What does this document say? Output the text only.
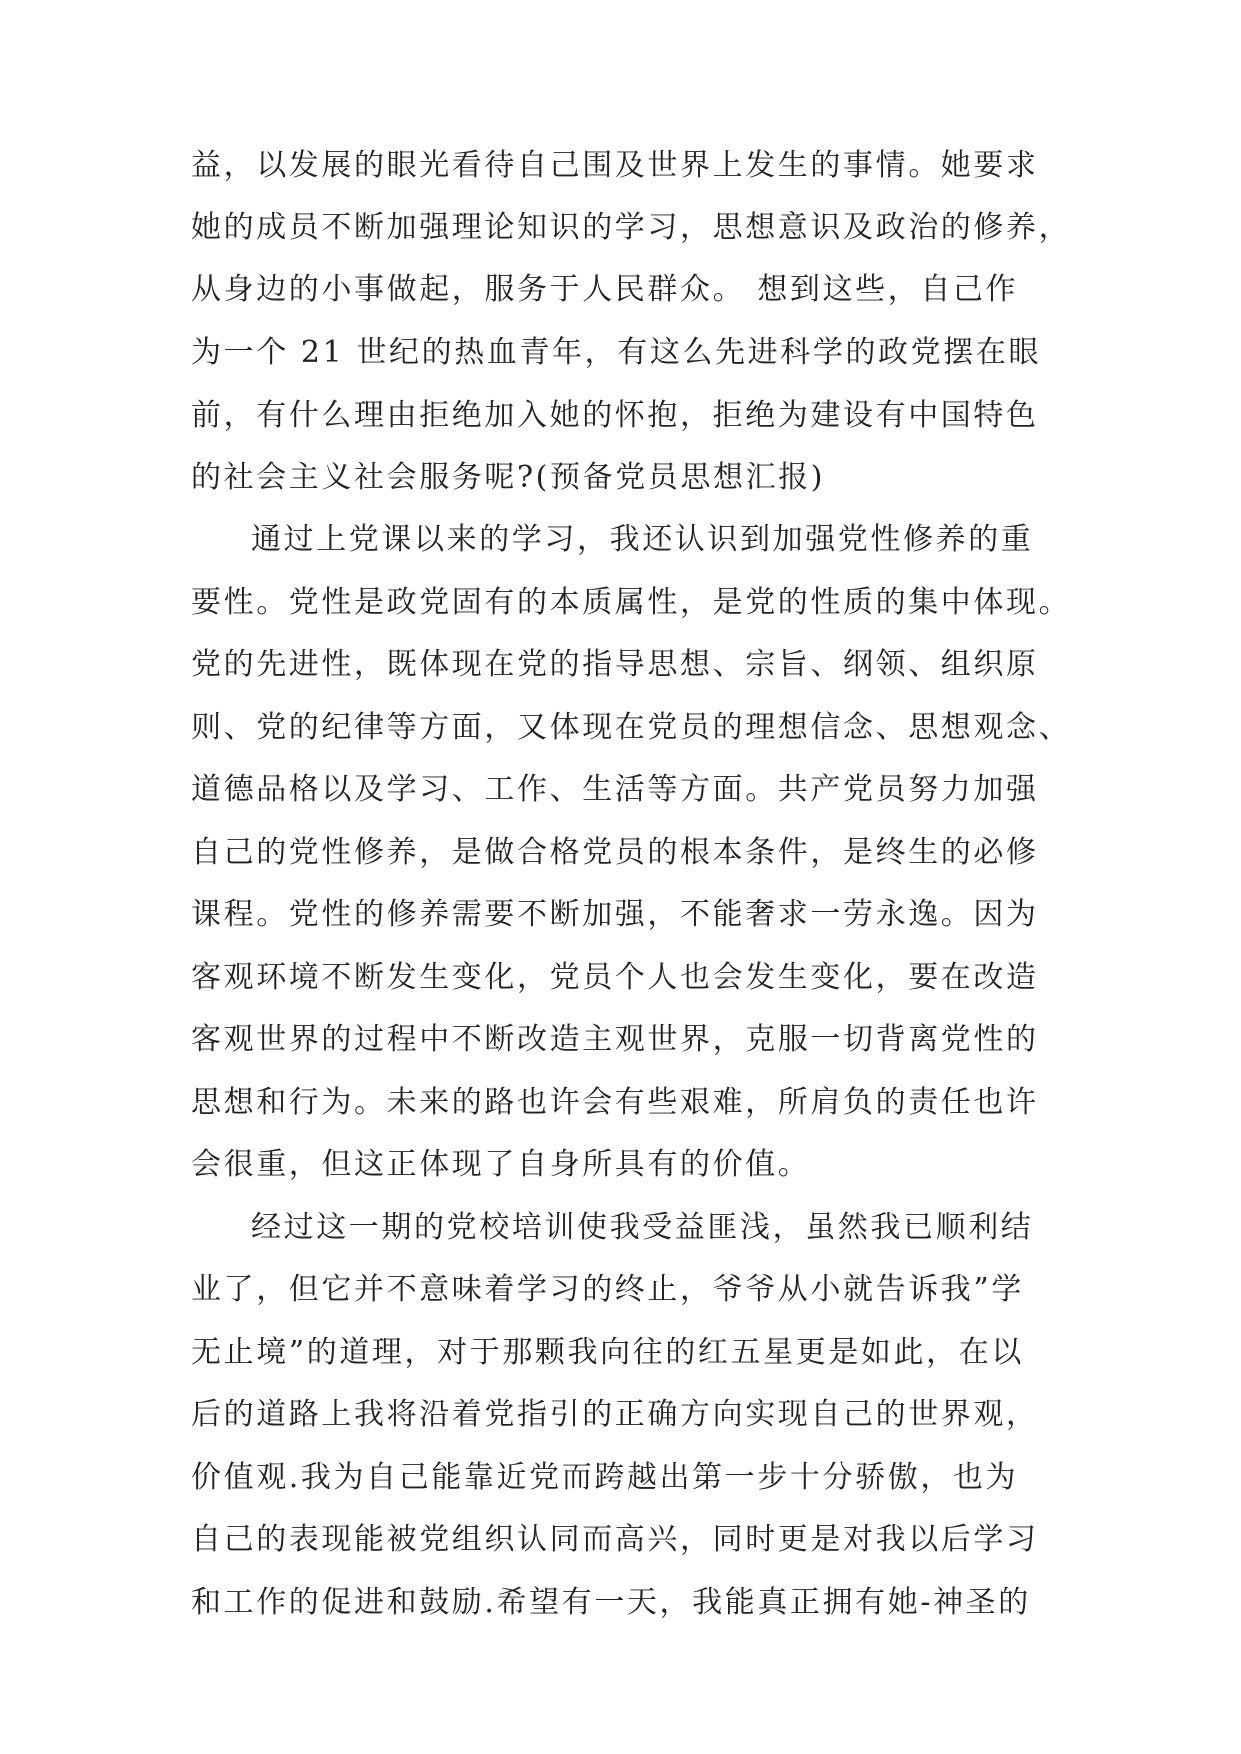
益，以发展的眼光看待自己围及世界上发生的事情。她要求
她的成员不断加强理论知识的学习，思想意识及政治的修养，
从身边的小事做起，服务于人民群众。 想到这些，自己作
为一个 21 世纪的热血青年，有这么先进科学的政党摆在眼
前，有什么理由拒绝加入她的怀抱，拒绝为建设有中国特色
的社会主义社会服务呢?(预备党员思想汇报)
通过上党课以来的学习，我还认识到加强党性修养的重
要性。党性是政党固有的本质属性，是党的性质的集中体现。
党的先进性，既体现在党的指导思想、宗旨、纲领、组织原
则、党的纪律等方面，又体现在党员的理想信念、思想观念、
道德品格以及学习、工作、生活等方面。共产党员努力加强
自己的党性修养，是做合格党员的根本条件，是终生的必修
课程。党性的修养需要不断加强，不能奢求一劳永逸。因为
客观环境不断发生变化，党员个人也会发生变化，要在改造
客观世界的过程中不断改造主观世界，克服一切背离党性的
思想和行为。未来的路也许会有些艰难，所肩负的责任也许
会很重，但这正体现了自身所具有的价值。
经过这一期的党校培训使我受益匪浅，虽然我已顺利结
业了，但它并不意味着学习的终止，爷爷从小就告诉我”学
无止境”的道理，对于那颗我向往的红五星更是如此，在以
后的道路上我将沿着党指引的正确方向实现自己的世界观，
价值观.我为自己能靠近党而跨越出第一步十分骄傲，也为
自己的表现能被党组织认同而高兴，同时更是对我以后学习
和工作的促进和鼓励.希望有一天，我能真正拥有她-神圣的
